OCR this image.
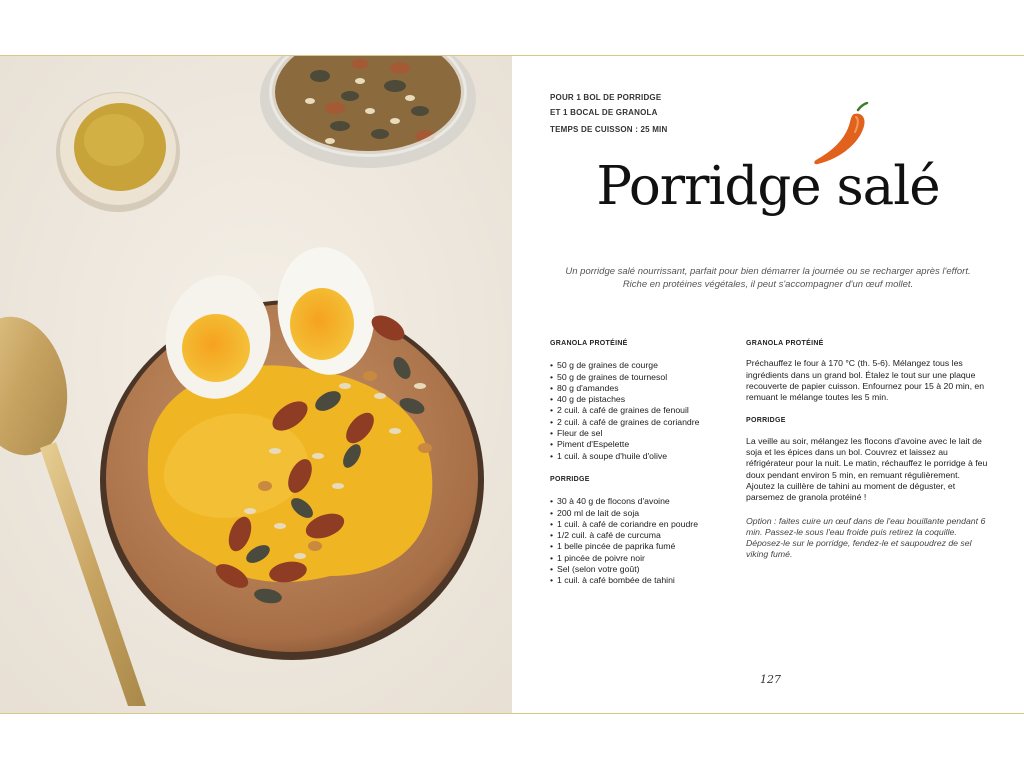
POUR 1 BOL DE PORRIDGE
ET 1 BOCAL DE GRANOLA
TEMPS DE CUISSON : 25 MIN
Porridge salé
Un porridge salé nourrissant, parfait pour bien démarrer la journée ou se recharger après l'effort.
Riche en protéines végétales, il peut s'accompagner d'un œuf mollet.
GRANOLA PROTÉINÉ
• 50 g de graines de courge
• 50 g de graines de tournesol
• 80 g d'amandes
• 40 g de pistaches
• 2 cuil. à café de graines de fenouil
• 2 cuil. à café de graines de coriandre
• Fleur de sel
• Piment d'Espelette
• 1 cuil. à soupe d'huile d'olive
PORRIDGE
• 30 à 40 g de flocons d'avoine
• 200 ml de lait de soja
• 1 cuil. à café de coriandre en poudre
• 1/2 cuil. à café de curcuma
• 1 belle pincée de paprika fumé
• 1 pincée de poivre noir
• Sel (selon votre goût)
• 1 cuil. à café bombée de tahini
GRANOLA PROTÉINÉ

Préchauffez le four à 170 °C (th. 5-6). Mélangez tous les ingrédients dans un grand bol. Étalez le tout sur une plaque recouverte de papier cuisson. Enfournez pour 15 à 20 min, en remuant le mélange toutes les 5 min.

PORRIDGE

La veille au soir, mélangez les flocons d'avoine avec le lait de soja et les épices dans un bol. Couvrez et laissez au réfrigérateur pour la nuit. Le matin, réchauffez le porridge à feu doux pendant environ 5 min, en remuant régulièrement. Ajoutez la cuillère de tahini au moment de déguster, et parsemez de granola protéiné !

Option : faites cuire un œuf dans de l'eau bouillante pendant 6 min. Passez-le sous l'eau froide puis retirez la coquille. Déposez-le sur le porridge, fendez-le et saupoudrez de sel viking fumé.

127
